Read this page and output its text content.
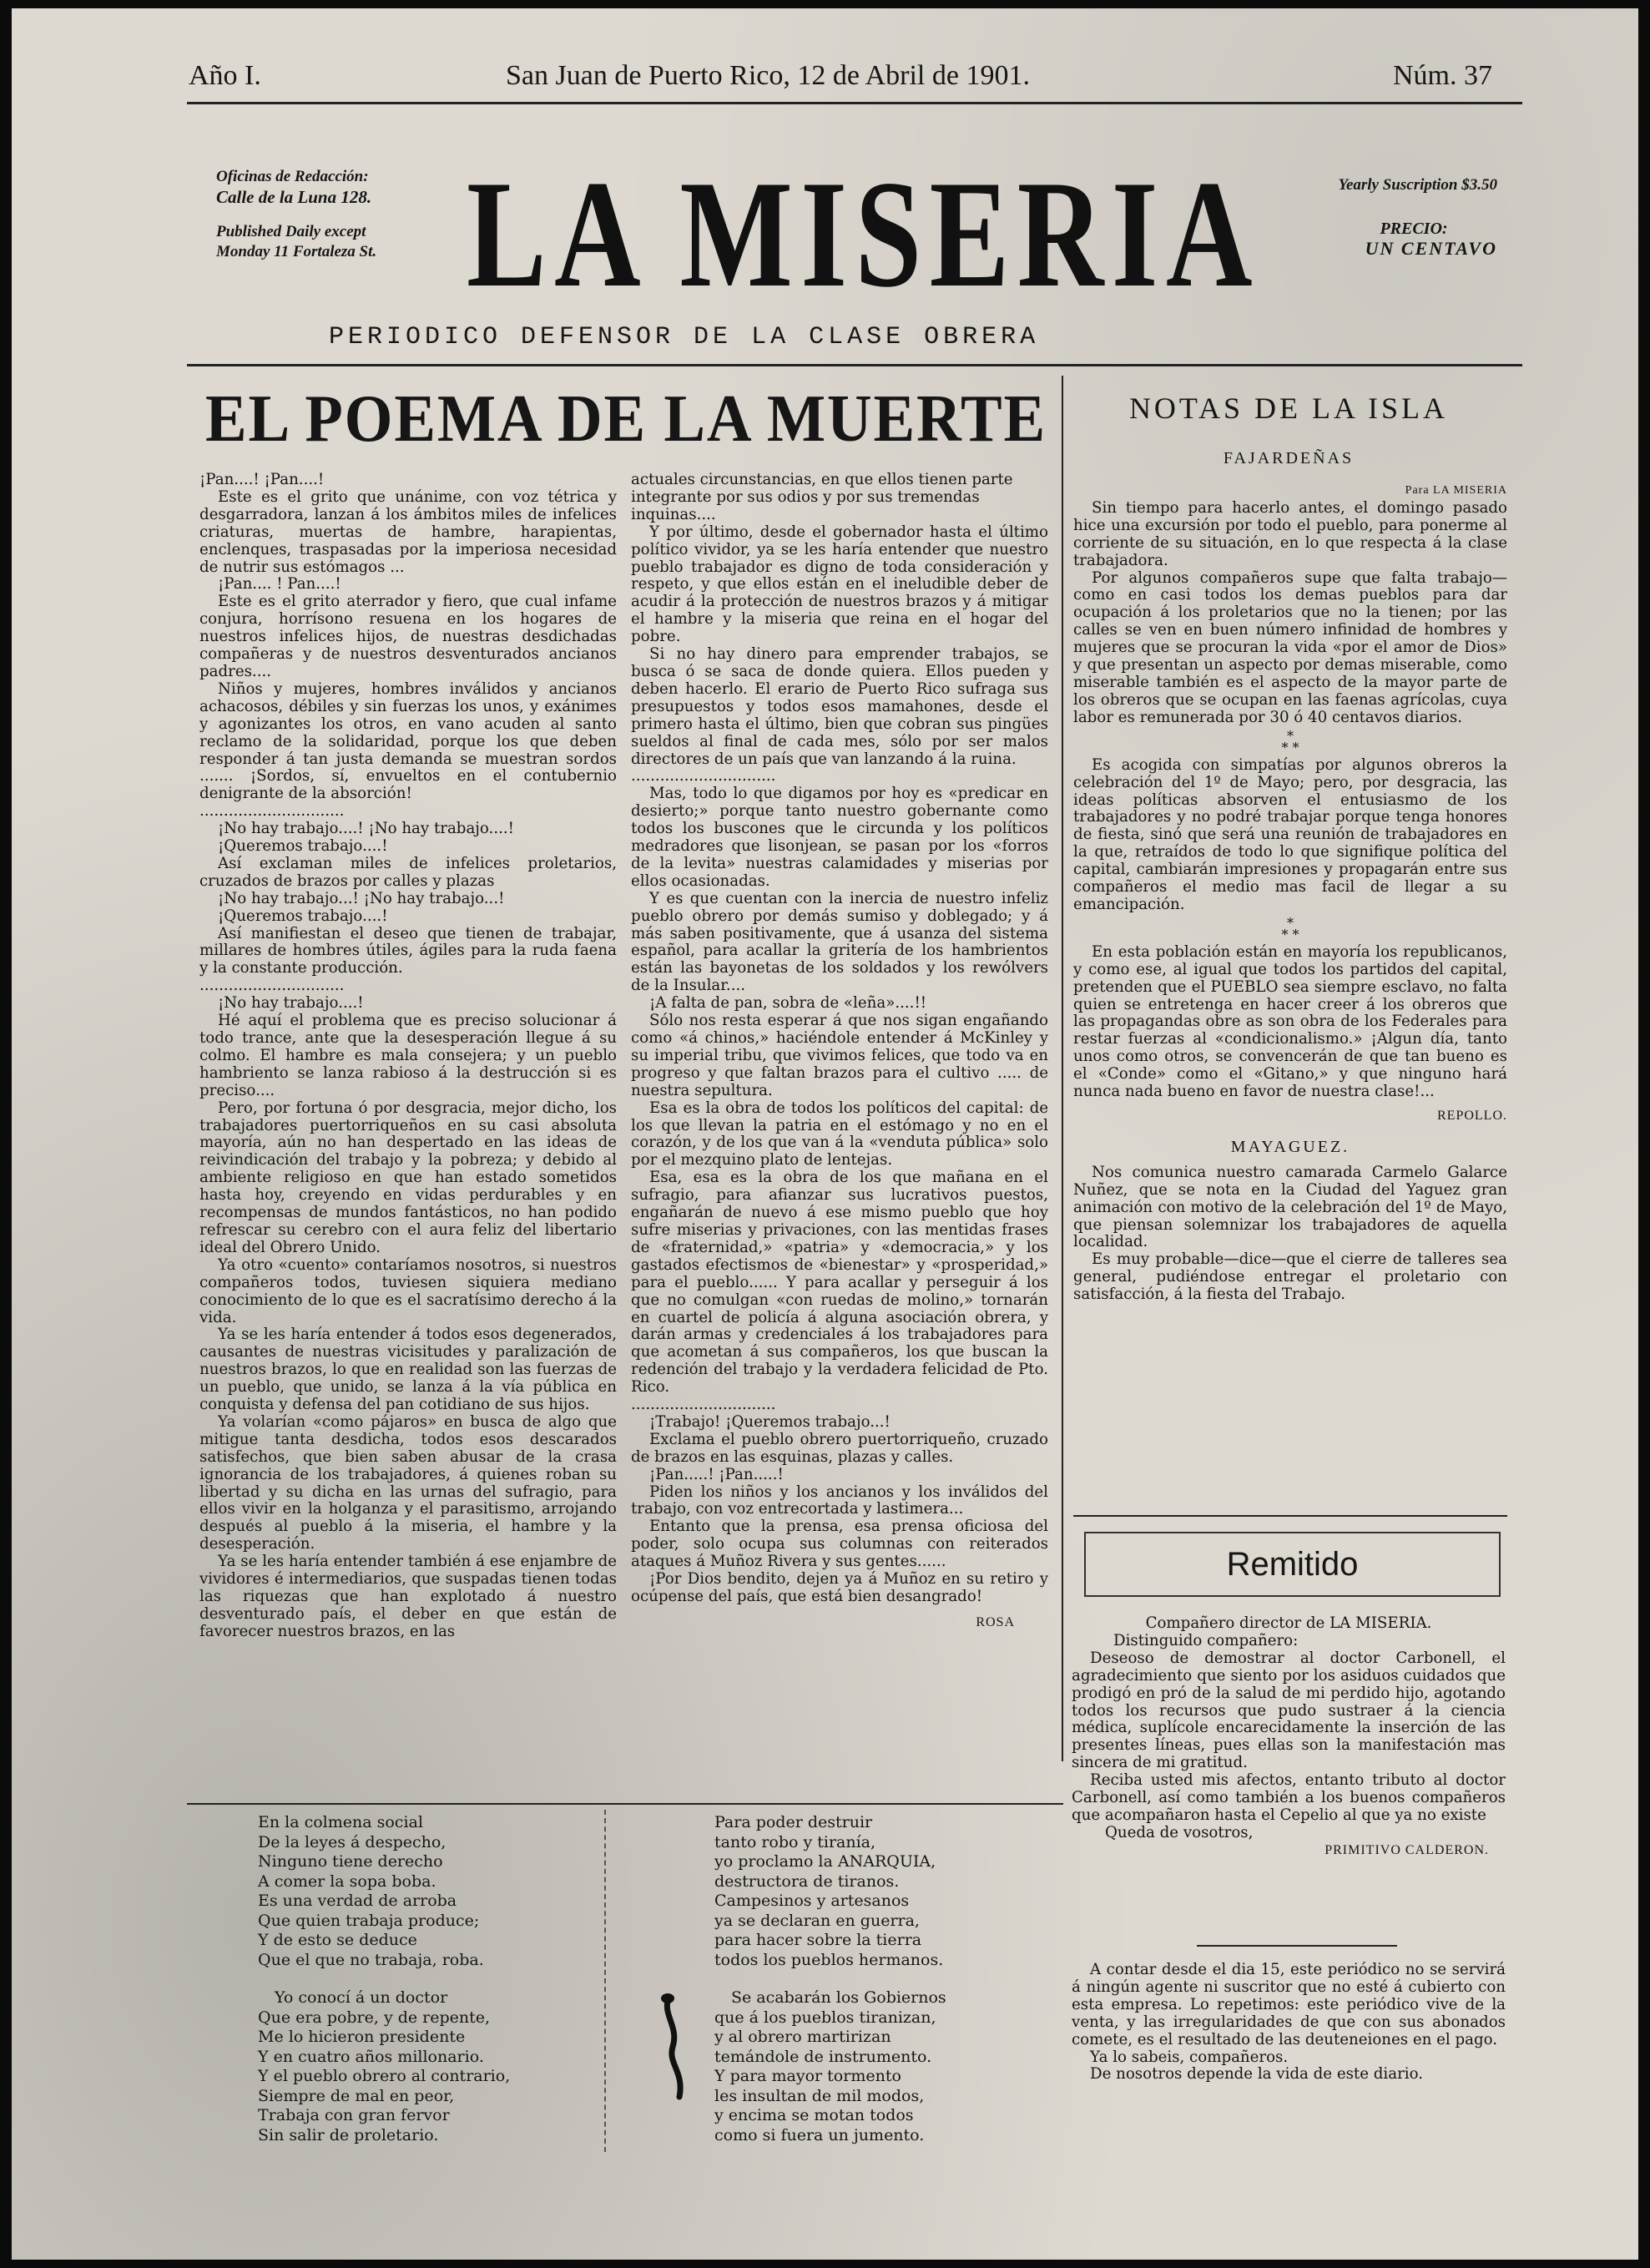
Año I.	San Juan de Puerto Rico, 12 de Abril de 1901.	Núm. 37
Oficinas de Redacción:
Calle de la Luna 128.
Published Daily except
Monday 11 Fortaleza St. LA MISERIA	Yearly Suscription $3.50
PRECIO:
UN CENTAVO
PERIODICO DEFENSOR DE LA CLASE OBRERA
EL POEMA DE LA MUERTE

¡Pan....! ¡Pan....!

Este es el grito que unánime, con voz tétrica y desgarradora, lanzan á los ámbitos miles de infelices criaturas, muertas de hambre, harapientas, enclenques, traspasadas por la imperiosa necesidad de nutrir sus estómagos ...

¡Pan.... ! Pan....!

Este es el grito aterrador y fiero, que cual infame conjura, horrísono resuena en los hogares de nuestros infelices hijos, de nuestras desdichadas compañeras y de nuestros desventurados ancianos padres....

Niños y mujeres, hombres inválidos y ancianos achacosos, débiles y sin fuerzas los unos, y exánimes y agonizantes los otros, en vano acuden al santo reclamo de la solidaridad, porque los que deben responder á tan justa demanda se muestran sordos ....... ¡Sordos, sí, envueltos en el contubernio denigrante de la absorción!

..............................

¡No hay trabajo....! ¡No hay trabajo....!

¡Queremos trabajo....!

Así exclaman miles de infelices proletarios, cruzados de brazos por calles y plazas

¡No hay trabajo...! ¡No hay trabajo...!

¡Queremos trabajo....!

Así manifiestan el deseo que tienen de trabajar, millares de hombres útiles, ágiles para la ruda faena y la constante producción.

..............................

¡No hay trabajo....!

Hé aquí el problema que es preciso solucionar á todo trance, ante que la desesperación llegue á su colmo. El hambre es mala consejera; y un pueblo hambriento se lanza rabioso á la destrucción si es preciso....

Pero, por fortuna ó por desgracia, mejor dicho, los trabajadores puertorriqueños en su casi absoluta mayoría, aún no han despertado en las ideas de reivindicación del trabajo y la pobreza; y debido al ambiente religioso en que han estado sometidos hasta hoy, creyendo en vidas perdurables y en recompensas de mundos fantásticos, no han podido refrescar su cerebro con el aura feliz del libertario ideal del Obrero Unido.

Ya otro «cuento» contaríamos nosotros, si nuestros compañeros todos, tuviesen siquiera mediano conocimiento de lo que es el sacratísimo derecho á la vida.

Ya se les haría entender á todos esos degenerados, causantes de nuestras vicisitudes y paralización de nuestros brazos, lo que en realidad son las fuerzas de un pueblo, que unido, se lanza á la vía pública en conquista y defensa del pan cotidiano de sus hijos.

Ya volarían «como pájaros» en busca de algo que mitigue tanta desdicha, todos esos descarados satisfechos, que bien saben abusar de la crasa ignorancia de los trabajadores, á quienes roban su libertad y su dicha en las urnas del sufragio, para ellos vivir en la holganza y el parasitismo, arrojando después al pueblo á la miseria, el hambre y la desesperación.

Ya se les haría entender también á ese enjambre de vividores é intermediarios, que suspadas tienen todas las riquezas que han explotado á nuestro desventurado país, el deber en que están de favorecer nuestros brazos, en las

actuales circunstancias, en que ellos tienen parte integrante por sus odios y por sus tremendas inquinas....

Y por último, desde el gobernador hasta el último político vividor, ya se les haría entender que nuestro pueblo trabajador es digno de toda consideración y respeto, y que ellos están en el ineludible deber de acudir á la protección de nuestros brazos y á mitigar el hambre y la miseria que reina en el hogar del pobre.

Si no hay dinero para emprender trabajos, se busca ó se saca de donde quiera. Ellos pueden y deben hacerlo. El erario de Puerto Rico sufraga sus presupuestos y todos esos mamahones, desde el primero hasta el último, bien que cobran sus pingües sueldos al final de cada mes, sólo por ser malos directores de un país que van lanzando á la ruina.

..............................

Mas, todo lo que digamos por hoy es «predicar en desierto;» porque tanto nuestro gobernante como todos los buscones que le circunda y los políticos medradores que lisonjean, se pasan por los «forros de la levita» nuestras calamidades y miserias por ellos ocasionadas.

Y es que cuentan con la inercia de nuestro infeliz pueblo obrero por demás sumiso y doblegado; y á más saben positivamente, que á usanza del sistema español, para acallar la gritería de los hambrientos están las bayonetas de los soldados y los rewólvers de la Insular....

¡A falta de pan, sobra de «leña»....!!

Sólo nos resta esperar á que nos sigan engañando como «á chinos,» haciéndole entender á McKinley y su imperial tribu, que vivimos felices, que todo va en progreso y que faltan brazos para el cultivo ..... de nuestra sepultura.

Esa es la obra de todos los políticos del capital: de los que llevan la patria en el estómago y no en el corazón, y de los que van á la «venduta pública» solo por el mezquino plato de lentejas.

Esa, esa es la obra de los que mañana en el sufragio, para afianzar sus lucrativos puestos, engañarán de nuevo á ese mismo pueblo que hoy sufre miserias y privaciones, con las mentidas frases de «fraternidad,» «patria» y «democracia,» y los gastados efectismos de «bienestar» y «prosperidad,» para el pueblo...... Y para acallar y perseguir á los que no comulgan «con ruedas de molino,» tornarán en cuartel de policía á alguna asociación obrera, y darán armas y credenciales á los trabajadores para que acometan á sus compañeros, los que buscan la redención del trabajo y la verdadera felicidad de Pto. Rico.

..............................

¡Trabajo! ¡Queremos trabajo...!

Exclama el pueblo obrero puertorriqueño, cruzado de brazos en las esquinas, plazas y calles.

¡Pan.....! ¡Pan.....!

Piden los niños y los ancianos y los inválidos del trabajo, con voz entrecortada y lastimera...

Entanto que la prensa, esa prensa oficiosa del poder, solo ocupa sus columnas con reiterados ataques á Muñoz Rivera y sus gentes......

¡Por Dios bendito, dejen ya á Muñoz en su retiro y ocúpense del país, que está bien desangrado!

ROSA
NOTAS DE LA ISLA
FAJARDEÑAS
Para LA MISERIA

Sin tiempo para hacerlo antes, el domingo pasado hice una excursión por todo el pueblo, para ponerme al corriente de su situación, en lo que respecta á la clase trabajadora.

Por algunos compañeros supe que falta trabajo—como en casi todos los demas pueblos para dar ocupación á los proletarios que no la tienen; por las calles se ven en buen número infinidad de hombres y mujeres que se procuran la vida «por el amor de Dios» y que presentan un aspecto por demas miserable, como miserable también es el aspecto de la mayor parte de los obreros que se ocupan en las faenas agrícolas, cuya labor es remunerada por 30 ó 40 centavos diarios.

*
* *

Es acogida con simpatías por algunos obreros la celebración del 1º de Mayo; pero, por desgracia, las ideas políticas absorven el entusiasmo de los trabajadores y no podré trabajar porque tenga honores de fiesta, sinó que será una reunión de trabajadores en la que, retraídos de todo lo que signifique política del capital, cambiarán impresiones y propagarán entre sus compañeros el medio mas facil de llegar a su emancipación.

*
* *

En esta población están en mayoría los republicanos, y como ese, al igual que todos los partidos del capital, pretenden que el PUEBLO sea siempre esclavo, no falta quien se entretenga en hacer creer á los obreros que las propagandas obre as son obra de los Federales para restar fuerzas al «condicionalismo.» ¡Algun día, tanto unos como otros, se convencerán de que tan bueno es el «Conde» como el «Gitano,» y que ninguno hará nunca nada bueno en favor de nuestra clase!...

REPOLLO.
MAYAGUEZ.

Nos comunica nuestro camarada Carmelo Galarce Nuñez, que se nota en la Ciudad del Yaguez gran animación con motivo de la celebración del 1º de Mayo, que piensan solemnizar los trabajadores de aquella localidad.

Es muy probable—dice—que el cierre de talleres sea general, pudiéndose entregar el proletario con satisfacción, á la fiesta del Trabajo.

Remitido
Compañero director de LA MISERIA.
Distinguido compañero:

Deseoso de demostrar al doctor Carbonell, el agradecimiento que siento por los asiduos cuidados que prodigó en pró de la salud de mi perdido hijo, agotando todos los recursos que pudo sustraer á la ciencia médica, suplícole encarecidamente la inserción de las presentes líneas, pues ellas son la manifestación mas sincera de mi gratitud.

Reciba usted mis afectos, entanto tributo al doctor Carbonell, así como también a los buenos compañeros que acompañaron hasta el Cepelio al que ya no existe

Queda de vosotros,
PRIMITIVO CALDERON.

A contar desde el dia 15, este periódico no se servirá á ningún agente ni suscritor que no esté á cubierto con esta empresa. Lo repetimos: este periódico vive de la venta, y las irregularidades de que con sus abonados comete, es el resultado de las deuteneiones en el pago.

Ya lo sabeis, compañeros.

De nosotros depende la vida de este diario.

En la colmena social
De la leyes á despecho,
Ninguno tiene derecho
A comer la sopa boba.
Es una verdad de arroba
Que quien trabaja produce;
Y de esto se deduce
Que el que no trabaja, roba.
Yo conocí á un doctor
Que era pobre, y de repente,
Me lo hicieron presidente
Y en cuatro años millonario.
Y el pueblo obrero al contrario,
Siempre de mal en peor,
Trabaja con gran fervor
Sin salir de proletario.
Para poder destruir
tanto robo y tiranía,
yo proclamo la ANARQUIA,
destructora de tiranos.
Campesinos y artesanos
ya se declaran en guerra,
para hacer sobre la tierra
todos los pueblos hermanos.
Se acabarán los Gobiernos
que á los pueblos tiranizan,
y al obrero martirizan
temándole de instrumento.
Y para mayor tormento
les insultan de mil modos,
y encima se motan todos
como si fuera un jumento.
